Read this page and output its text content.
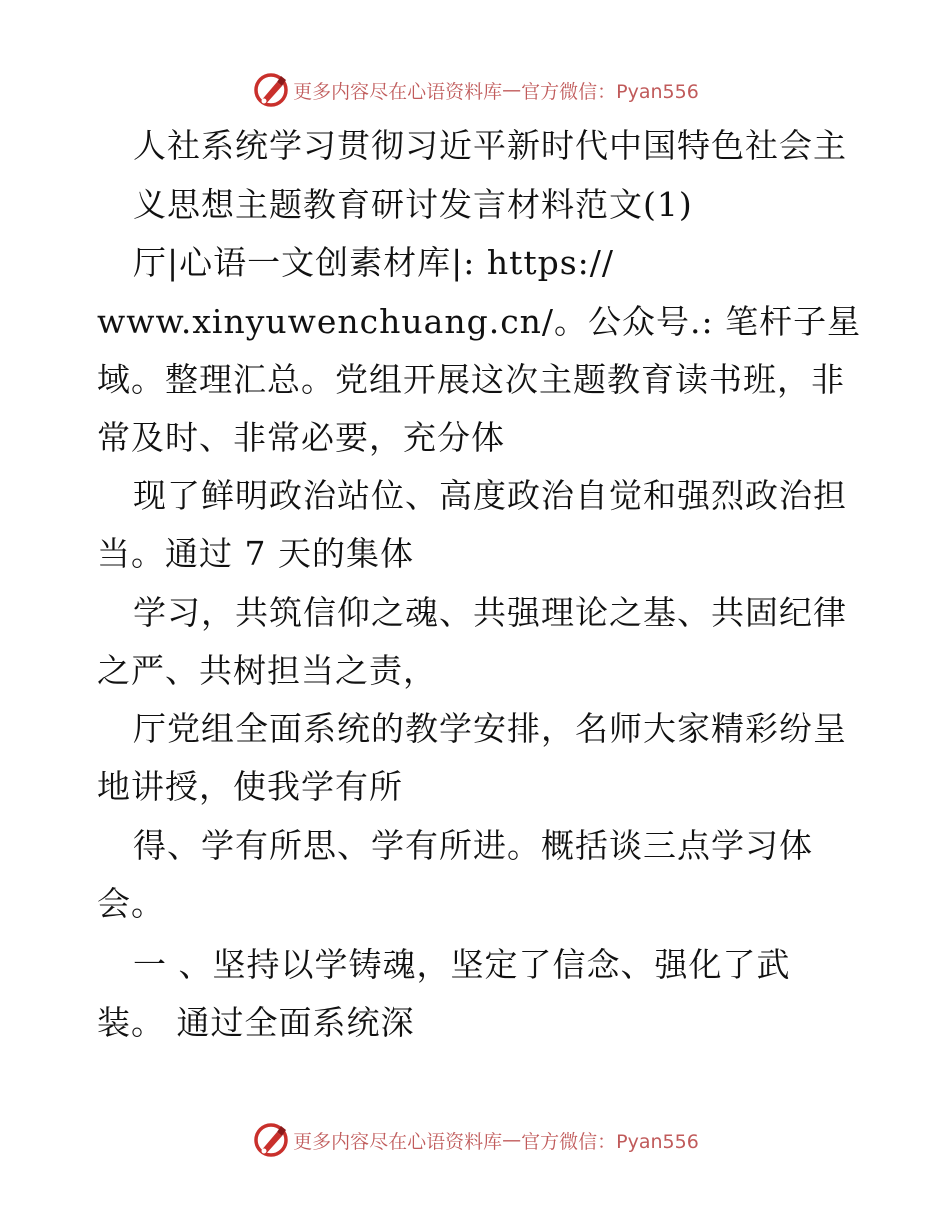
更多内容尽在心语资料库 — 官方微信：Pyan556
人社系统学习贯彻习近平新时代中国特色社会主
义思想主题教育研讨发言材料范文(1)
厅|心语一文创素材库|: https://
www.xinyuwenchuang.cn/。公众号.: 笔杆子星
域。整理汇总。党组开展这次主题教育读书班，非
常及时、非常必要，充分体
现了鲜明政治站位、高度政治自觉和强烈政治担
当。通过 7 天的集体
学习，共筑信仰之魂、共强理论之基、共固纪律
之严、共树担当之责，
厅党组全面系统的教学安排，名师大家精彩纷呈
地讲授，使我学有所
得、学有所思、学有所进。概括谈三点学习体
会。
一 、坚持以学铸魂，坚定了信念、强化了武
装。 通过全面系统深
更多内容尽在心语资料库 — 官方微信：Pyan556
